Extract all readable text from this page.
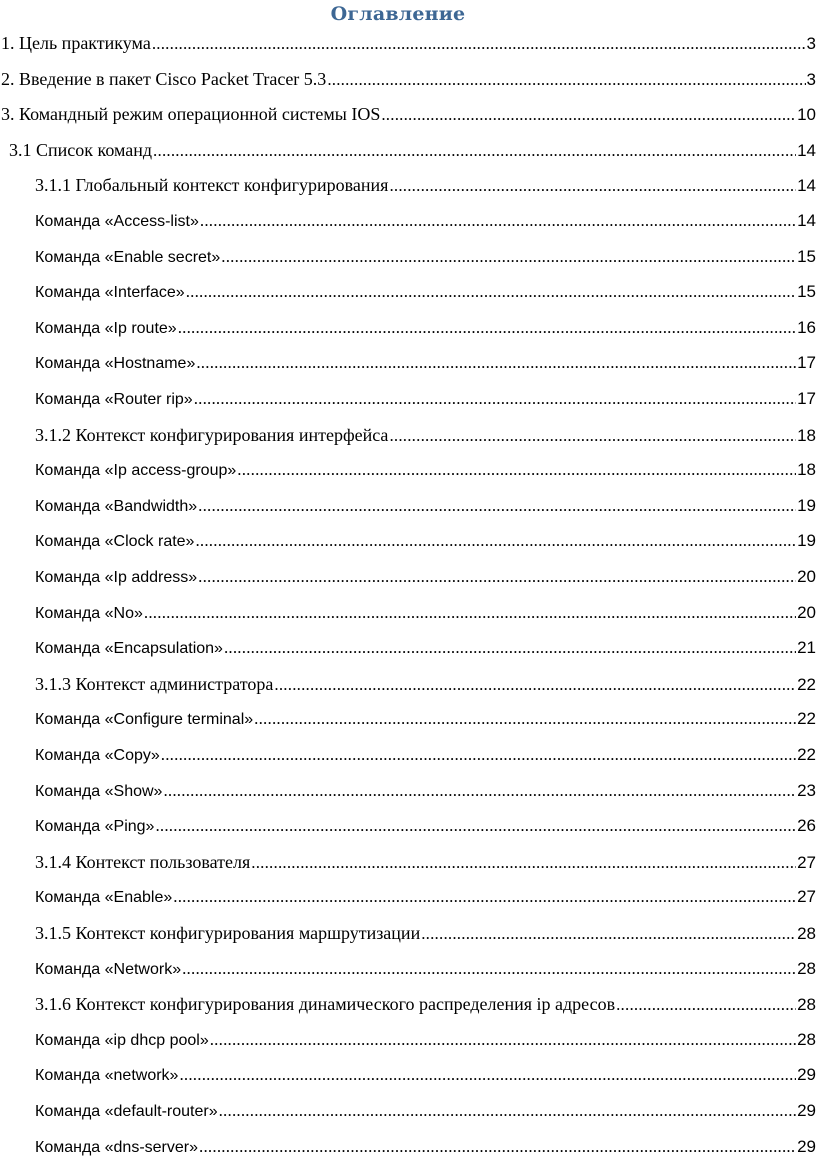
Оглавление
1. Цель практикума .....	3
2. Введение в пакет Cisco Packet Tracer 5.3 .....	3
3. Командный режим операционной системы IOS .....	10
3.1 Список команд .....	14
3.1.1 Глобальный контекст конфигурирования .....	14
Команда «Access-list» .....	14
Команда «Enable secret» .....	15
Команда «Interface» .....	15
Команда «Ip route» .....	16
Команда «Hostname» .....	17
Команда «Router rip» .....	17
3.1.2 Контекст конфигурирования интерфейса .....	18
Команда «Ip access-group» .....	18
Команда «Bandwidth» .....	19
Команда «Clock rate» .....	19
Команда «Ip address» .....	20
Команда «No» .....	20
Команда «Encapsulation» .....	21
3.1.3 Контекст администратора .....	22
Команда «Configure terminal» .....	22
Команда «Copy» .....	22
Команда «Show» .....	23
Команда «Ping» .....	26
3.1.4 Контекст пользователя .....	27
Команда «Enable» .....	27
3.1.5 Контекст конфигурирования маршрутизации .....	28
Команда «Network» .....	28
3.1.6 Контекст конфигурирования динамического распределения ip адресов .....	28
Команда «ip dhcp pool» .....	28
Команда «network» .....	29
Команда «default-router» .....	29
Команда «dns-server» .....	29
